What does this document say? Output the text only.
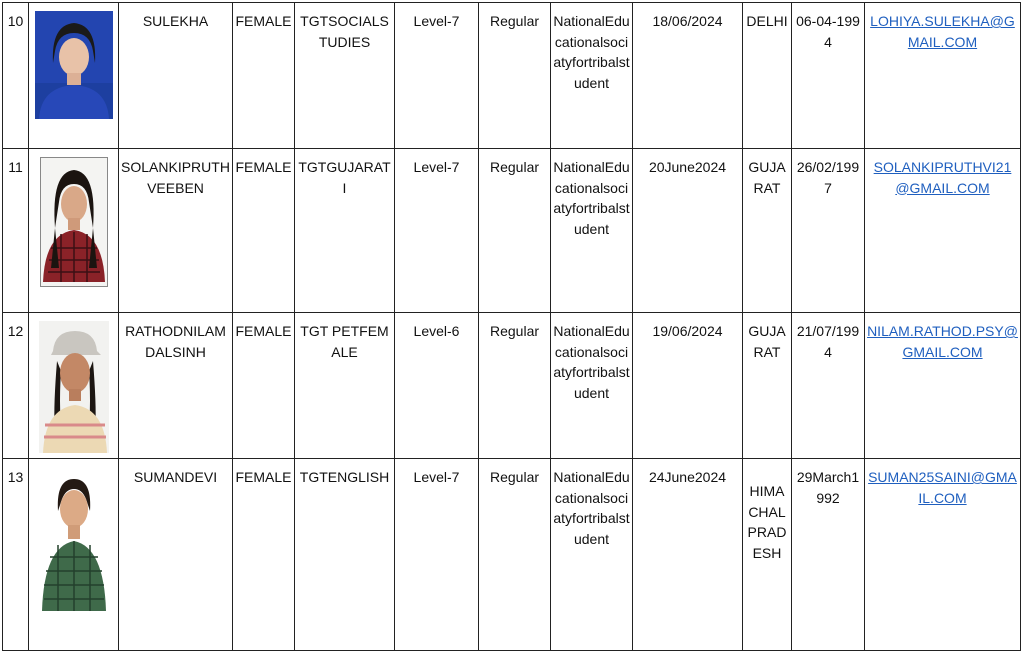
10		SULEKHA	FEMALE	TGTSOCIALSTUDIES	Level-7	Regular	NationalEducationalsociatyfortribalstudent	18/06/2024	DELHI	06-04-1994	LOHIYA.SULEKHA@GMAIL.COM
11		SOLANKIPRUTHVEEBEN	FEMALE	TGTGUJARATI	Level-7	Regular	NationalEducationalsociatyfortribalstudent	20June2024	GUJARAT	26/02/1997	SOLANKIPRUTHVI21@GMAIL.COM
12		RATHODNILAMDALSINH	FEMALE	TGT PETFEMALE	Level-6	Regular	NationalEducationalsociatyfortribalstudent	19/06/2024	GUJARAT	21/07/1994	NILAM.RATHOD.PSY@GMAIL.COM
13		SUMANDEVI	FEMALE	TGTENGLISH	Level-7	Regular	NationalEducationalsociatyfortribalstudent	24June2024	HIMACHAL PRADESH	29March1992	SUMAN25SAINI@GMAIL.COM
